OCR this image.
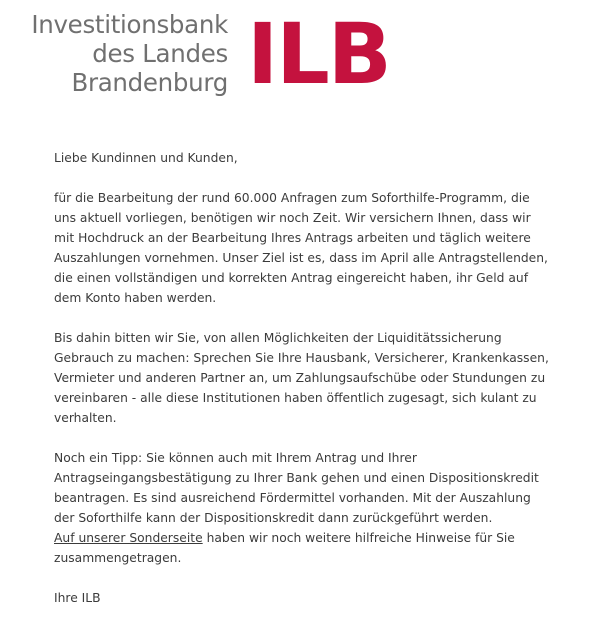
Investitionsbank
des Landes
Brandenburg ILB

Liebe Kundinnen und Kunden,

für die Bearbeitung der rund 60.000 Anfragen zum Soforthilfe-Programm, die uns aktuell vorliegen, benötigen wir noch Zeit. Wir versichern Ihnen, dass wir mit Hochdruck an der Bearbeitung Ihres Antrags arbeiten und täglich weitere Auszahlungen vornehmen. Unser Ziel ist es, dass im April alle Antragstellenden, die einen vollständigen und korrekten Antrag eingereicht haben, ihr Geld auf dem Konto haben werden.

Bis dahin bitten wir Sie, von allen Möglichkeiten der Liquiditätssicherung Gebrauch zu machen: Sprechen Sie Ihre Hausbank, Versicherer, Krankenkassen, Vermieter und anderen Partner an, um Zahlungsaufschübe oder Stundungen zu vereinbaren - alle diese Institutionen haben öffentlich zugesagt, sich kulant zu verhalten.

Noch ein Tipp: Sie können auch mit Ihrem Antrag und Ihrer Antragseingangsbestätigung zu Ihrer Bank gehen und einen Dispositionskredit beantragen. Es sind ausreichend Fördermittel vorhanden. Mit der Auszahlung der Soforthilfe kann der Dispositionskredit dann zurückgeführt werden.
Auf unserer Sonderseite haben wir noch weitere hilfreiche Hinweise für Sie zusammengetragen.

Ihre ILB
